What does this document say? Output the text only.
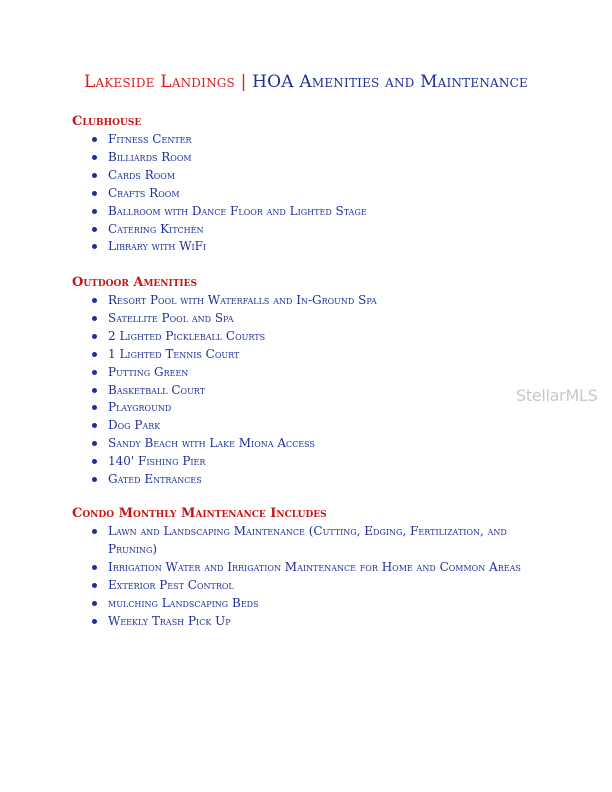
Lakeside Landings | HOA Amenities and Maintenance
Clubhouse
Fitness Center
Billiards Room
Cards Room
Crafts Room
Ballroom with Dance Floor and Lighted Stage
Catering Kitchen
Library with WiFi
Outdoor Amenities
Resort Pool with Waterfalls and In-Ground Spa
Satellite Pool and Spa
2 Lighted Pickleball Courts
1 Lighted Tennis Court
Putting Green
Basketball Court
Playground
Dog Park
Sandy Beach with Lake Miona Access
140' Fishing Pier
Gated Entrances
Condo Monthly Maintenance Includes
Lawn and Landscaping Maintenance (Cutting, Edging, Fertilization, and Pruning)
Irrigation Water and Irrigation Maintenance for Home and Common Areas
Exterior Pest Control
mulching Landscaping Beds
Weekly Trash Pick Up
StellarMLS
